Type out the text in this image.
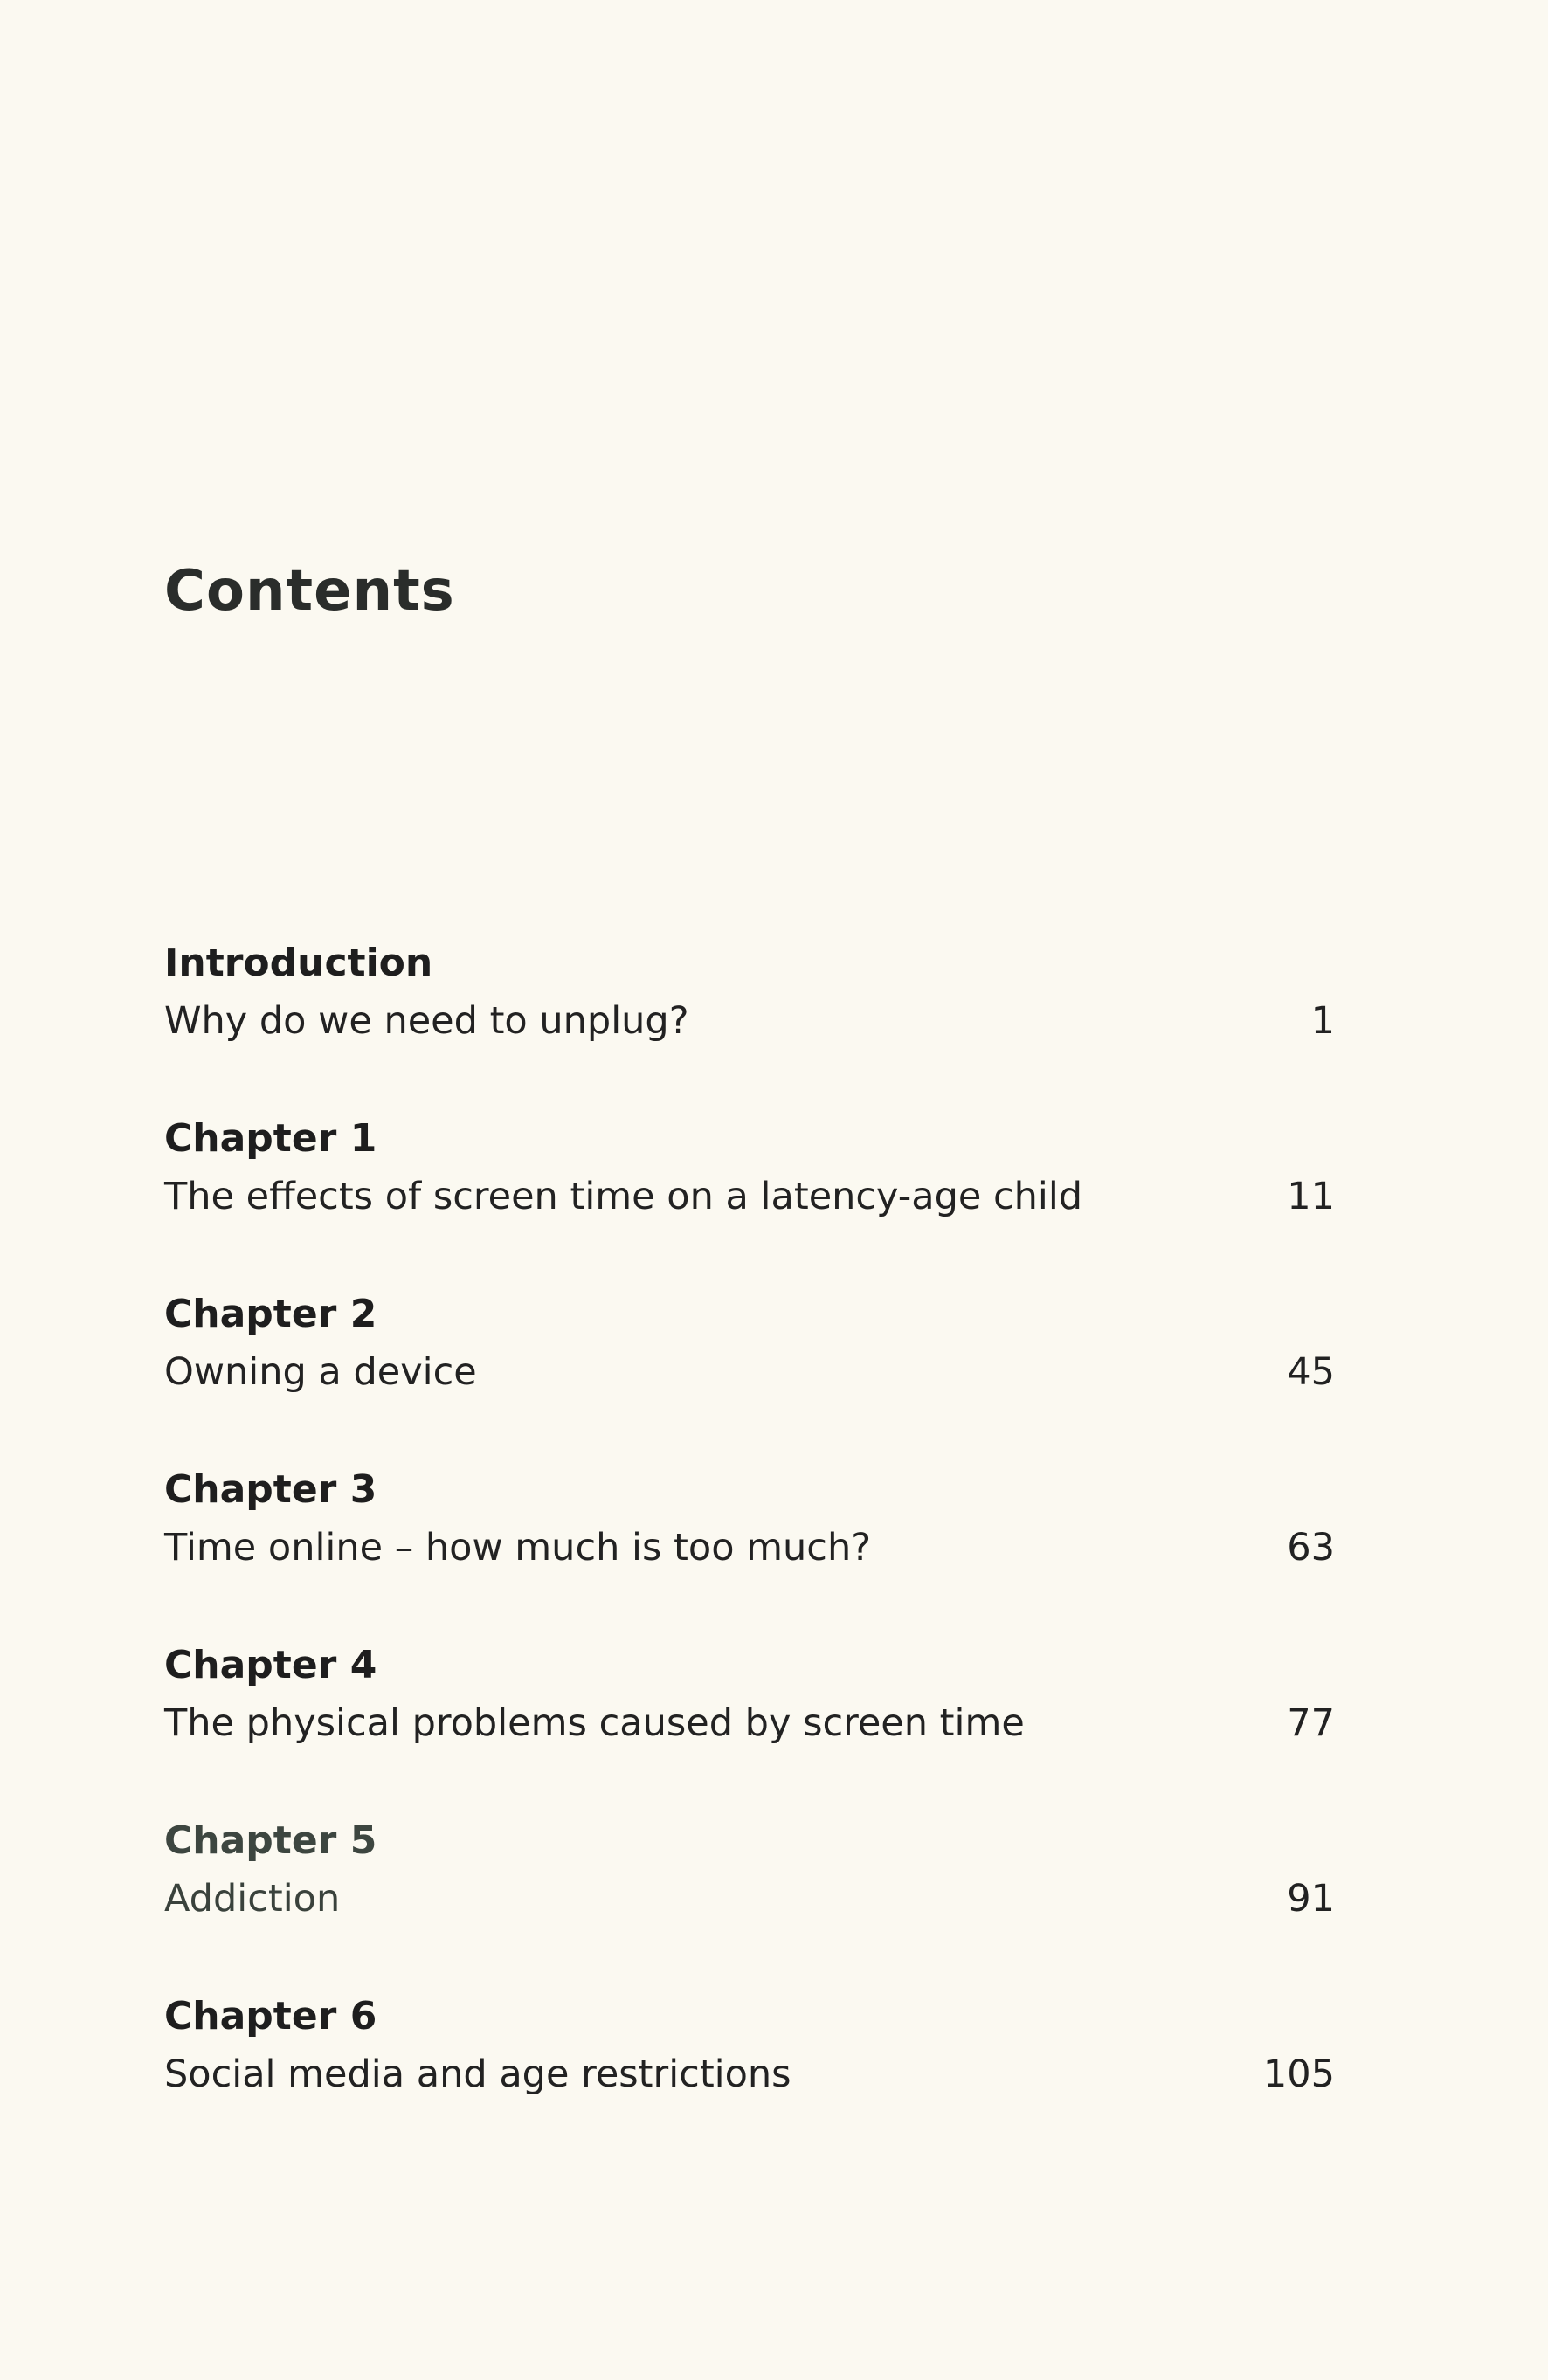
Contents
Introduction
Why do we need to unplug?	1
Chapter 1
The effects of screen time on a latency-age child	11
Chapter 2
Owning a device	45
Chapter 3
Time online – how much is too much?	63
Chapter 4
The physical problems caused by screen time	77
Chapter 5
Addiction	91
Chapter 6
Social media and age restrictions	105
